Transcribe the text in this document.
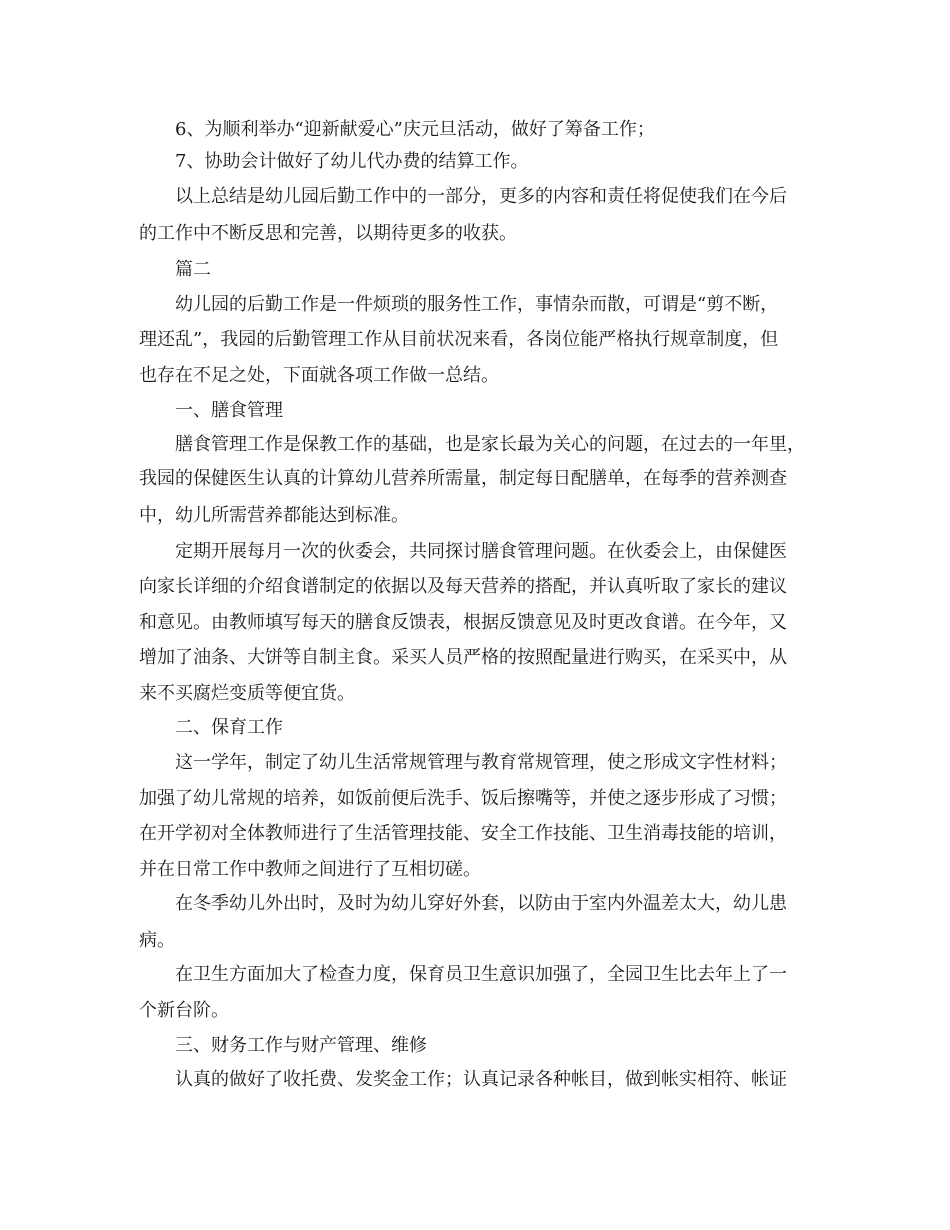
6、为顺利举办“迎新献爱心”庆元旦活动，做好了筹备工作；
7、协助会计做好了幼儿代办费的结算工作。
以上总结是幼儿园后勤工作中的一部分，更多的内容和责任将促使我们在今后
的工作中不断反思和完善，以期待更多的收获。
篇二
幼儿园的后勤工作是一件烦琐的服务性工作，事情杂而散，可谓是“剪不断，
理还乱”，我园的后勤管理工作从目前状况来看，各岗位能严格执行规章制度，但
也存在不足之处，下面就各项工作做一总结。
一、膳食管理
膳食管理工作是保教工作的基础，也是家长最为关心的问题，在过去的一年里，
我园的保健医生认真的计算幼儿营养所需量，制定每日配膳单，在每季的营养测查
中，幼儿所需营养都能达到标准。
定期开展每月一次的伙委会，共同探讨膳食管理问题。在伙委会上，由保健医
向家长详细的介绍食谱制定的依据以及每天营养的搭配，并认真听取了家长的建议
和意见。由教师填写每天的膳食反馈表，根据反馈意见及时更改食谱。在今年，又
增加了油条、大饼等自制主食。采买人员严格的按照配量进行购买，在采买中，从
来不买腐烂变质等便宜货。
二、保育工作
这一学年，制定了幼儿生活常规管理与教育常规管理，使之形成文字性材料；
加强了幼儿常规的培养，如饭前便后洗手、饭后擦嘴等，并使之逐步形成了习惯；
在开学初对全体教师进行了生活管理技能、安全工作技能、卫生消毒技能的培训，
并在日常工作中教师之间进行了互相切磋。
在冬季幼儿外出时，及时为幼儿穿好外套，以防由于室内外温差太大，幼儿患
病。
在卫生方面加大了检查力度，保育员卫生意识加强了，全园卫生比去年上了一
个新台阶。
三、财务工作与财产管理、维修
认真的做好了收托费、发奖金工作；认真记录各种帐目，做到帐实相符、帐证
